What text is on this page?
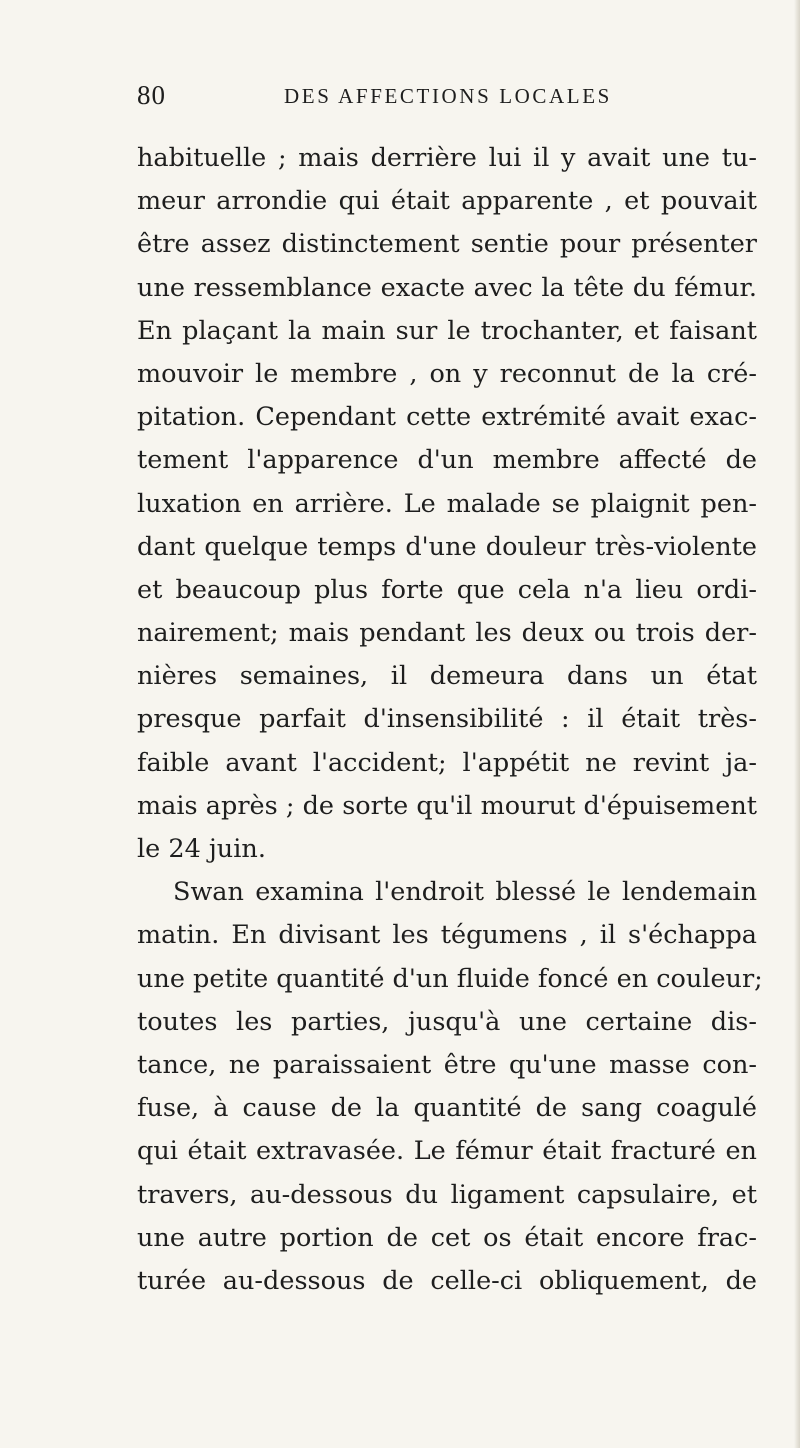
80	DES AFFECTIONS LOCALES
habituelle ; mais derrière lui il y avait une tu-
meur arrondie qui était apparente , et pouvait
être assez distinctement sentie pour présenter
une ressemblance exacte avec la tête du fémur.
En plaçant la main sur le trochanter, et faisant
mouvoir le membre , on y reconnut de la cré-
pitation. Cependant cette extrémité avait exac-
tement l'apparence d'un membre affecté de
luxation en arrière. Le malade se plaignit pen-
dant quelque temps d'une douleur très-violente
et beaucoup plus forte que cela n'a lieu ordi-
nairement; mais pendant les deux ou trois der-
nières semaines, il demeura dans un état
presque parfait d'insensibilité : il était très-
faible avant l'accident; l'appétit ne revint ja-
mais après ; de sorte qu'il mourut d'épuisement
le 24 juin.
Swan examina l'endroit blessé le lendemain
matin. En divisant les tégumens , il s'échappa
une petite quantité d'un fluide foncé en couleur;
toutes les parties, jusqu'à une certaine dis-
tance, ne paraissaient être qu'une masse con-
fuse, à cause de la quantité de sang coagulé
qui était extravasée. Le fémur était fracturé en
travers, au-dessous du ligament capsulaire, et
une autre portion de cet os était encore frac-
turée au-dessous de celle-ci obliquement, de
